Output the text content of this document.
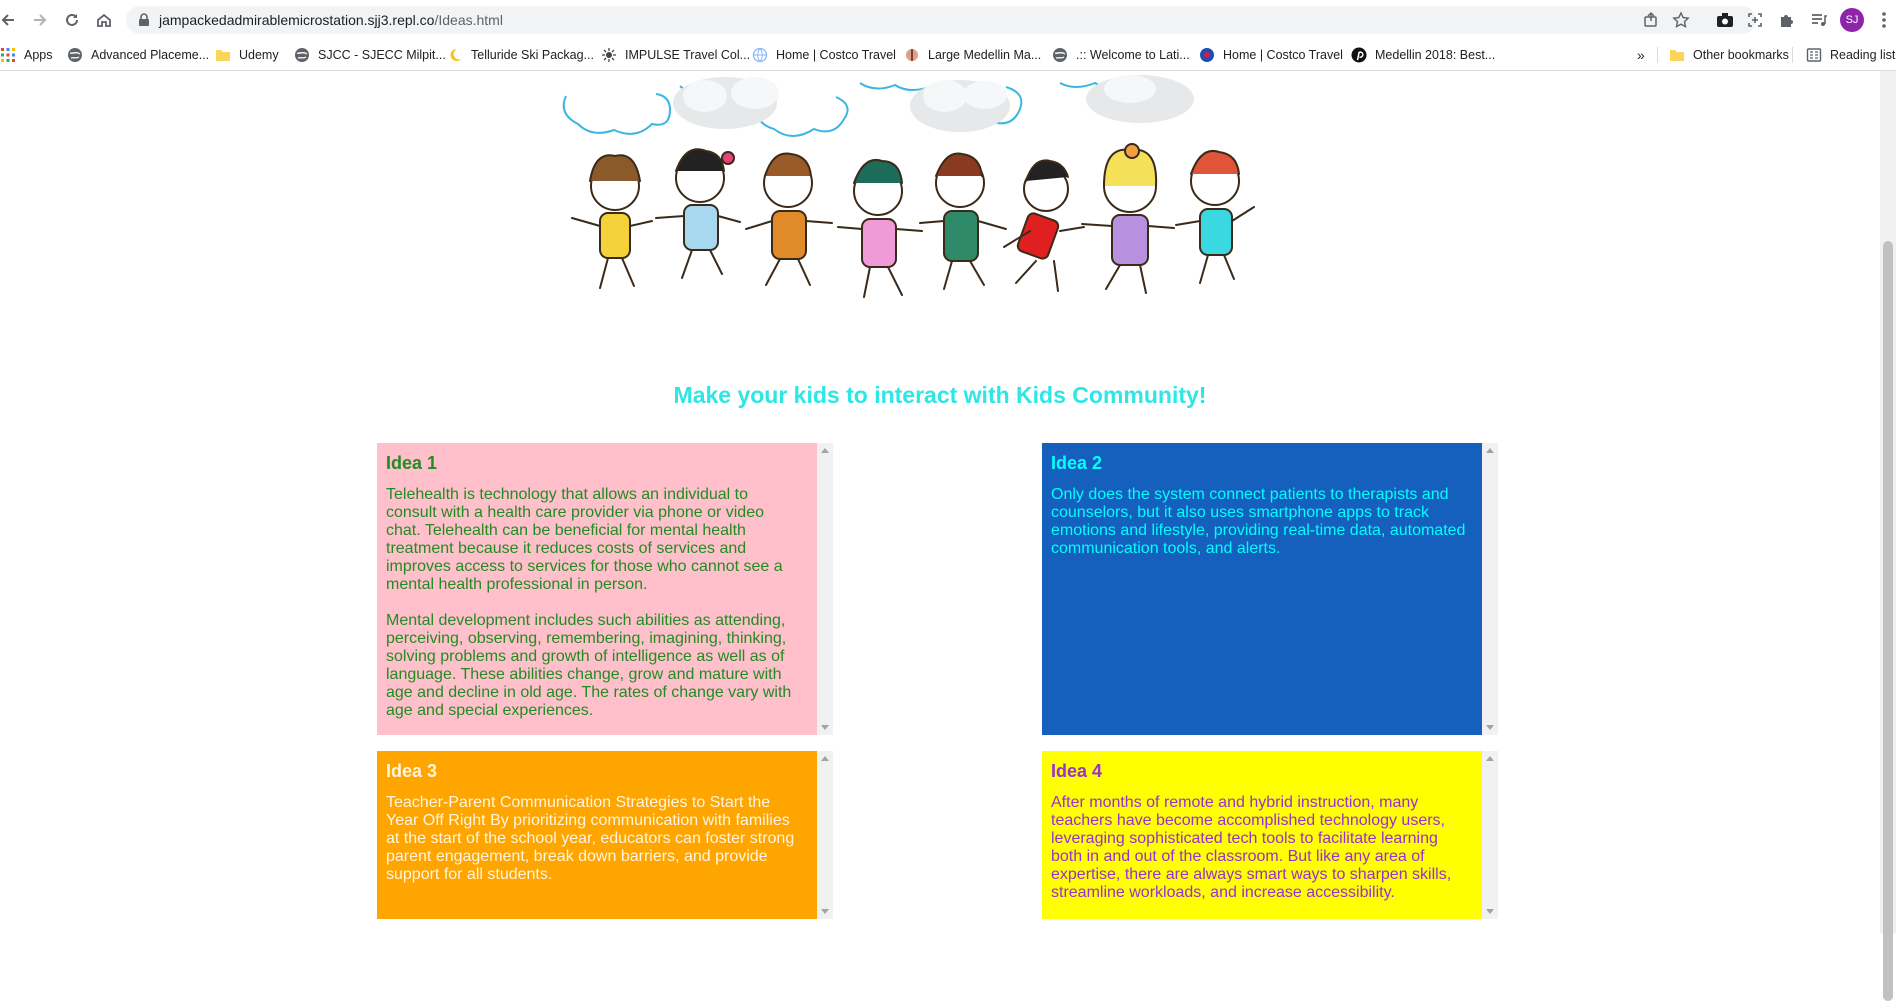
jampackedadmirablemicrostation.sjj3.repl.co/Ideas.html	SJ
Apps	Advanced Placeme... Udemy	SJCC - SJECC Milpit... Telluride Ski Packag... IMPULSE Travel Col... Home | Costco Travel	Large Medellin Ma...	.:: Welcome to Lati...	Home | Costco Travel	Medellin 2018: Best...	»	Other bookmarks	Reading list
Make your kids to interact with Kids Community!
Idea 1

Telehealth is technology that allows an individual to consult with a health care provider via phone or video chat. Telehealth can be beneficial for mental health treatment because it reduces costs of services and improves access to services for those who cannot see a mental health professional in person.

Mental development includes such abilities as attending, perceiving, observing, remembering, imagining, thinking, solving problems and growth of intelligence as well as of language. These abilities change, grow and mature with age and decline in old age. The rates of change vary with age and special experiences.

Idea 2

Only does the system connect patients to therapists and counselors, but it also uses smartphone apps to track emotions and lifestyle, providing real-time data, automated communication tools, and alerts.

Idea 3

Teacher-Parent Communication Strategies to Start the Year Off Right By prioritizing communication with families at the start of the school year, educators can foster strong parent engagement, break down barriers, and provide support for all students.

Idea 4

After months of remote and hybrid instruction, many teachers have become accomplished technology users, leveraging sophisticated tech tools to facilitate learning both in and out of the classroom. But like any area of expertise, there are always smart ways to sharpen skills, streamline workloads, and increase accessibility.
